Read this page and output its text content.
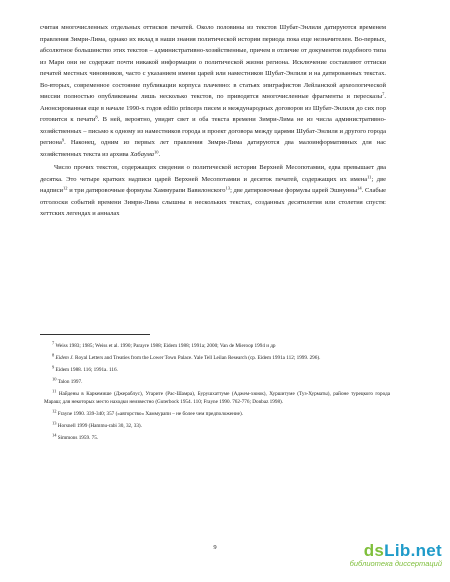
считая многочисленных отдельных оттисков печатей. Около половины из текстов Шубат-Энлиля датируются временем правления Зимри-Лима, однако их вклад в наши знания политической истории периода пока еще незначителен. Во-первых, абсолютное большинство этих текстов – административно-хозяйственные, причем в отличие от документов подобного типа из Мари они не содержат почти никакой информации о политической жизни региона. Исключение составляют оттиски печатей местных чиновников, часто с указанием имени царей или наместников Шубат-Энлиля и на датированных текстах. Во-вторых, современное состояние публикации корпуса плачевно: в статьях эпиграфистов Лейланской археологической миссии полностью опубликованы лишь несколько текстов, по приводятся многочисленные фрагменты и пересказы$^7$. Анонсированная еще в начале 1990-х годов editio princeps писем и международных договоров из Шубат-Энлиля до сих пор готовится к печати$^8$. В ней, вероятно, увидят свет и оба текста времени Зимри-Лима не из числа административно-хозяйственных – письмо к одному из наместников города и проект договора между царями Шубат-Энлиля и другого города региона$^9$. Наконец, одним из первых лет правления Зимри-Лима датируются два малоинформативных для нас хозяйственных текста из архива Хабаума$^{10}$.

Число прочих текстов, содержащих сведения о политической истории Верхней Месопотамии, едва превышает два десятка. Это четыре кратких надписи царей Верхней Месопотамии и десяток печатей, содержащих их имена$^{11}$; две надписи$^{12}$ и три датировочные формулы Хаммурапи Вавилонского$^{13}$; две датировочные формулы царей Эшнунны$^{14}$. Слабые отголоски событий времени Зимри-Лима слышны в нескольких текстах, созданных десятилетия или столетия спустя: хеттских легендах и анналах

$^7$ Weiss 1983; 1985; Weiss et al. 1990; Parayre 1988; Eidem 1988; 1991a; 2000; Van de Mieroop 1994 и др
$^8$ Eidem J. Royal Letters and Treaties from the Lower Town Palace. Yale Tell Leilan Research (ср. Eidem 1991a 112; 1999. 296).
$^9$ Eidem 1988. 116; 1991a. 116.
$^{10}$ Talon 1997.
$^{11}$ Найдены в Каркемише (Джераблус), Угарите (Рас-Шамра), Бурушхаттуме (Аджем-хююк), Хуршитуме (Туз-Хурматы), районе турецкого города Мараш; для некоторых место находки неизвестно (Guterbock 1954. 110; Frayne 1990. 762-776; Donbaz 1998).
$^{12}$ Frayne 1990. 339-340; 357 («авторство» Хаммурапи – не более чем предположение).
$^{13}$ Horsnell 1999 (Hammu-rabi 30, 32, 33).
$^{14}$ Simmons 1959. 75.
9	dsLib.net
библиотека диссертаций
